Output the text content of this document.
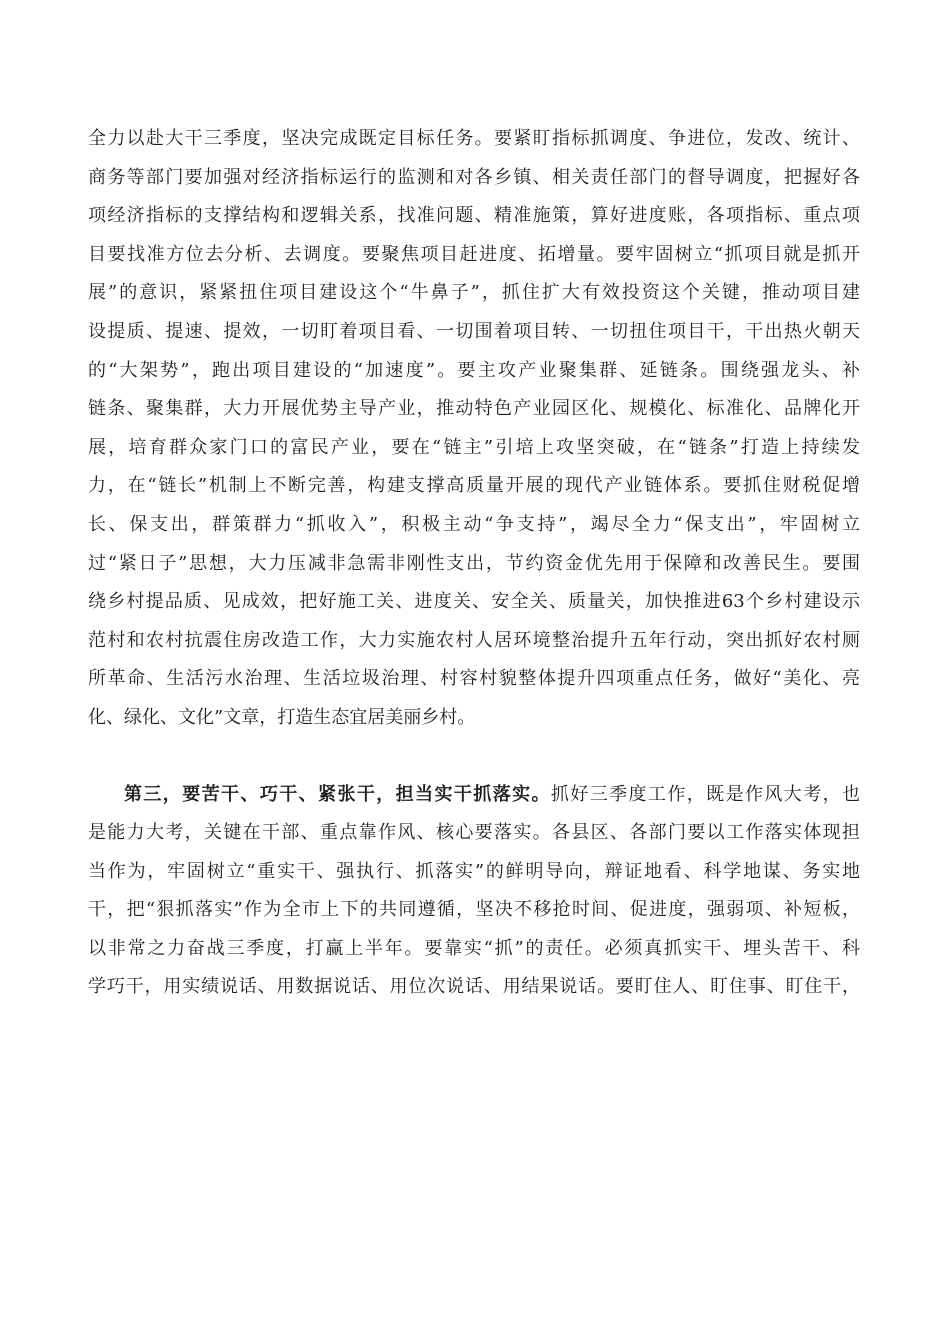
全力以赴大干三季度，坚决完成既定目标任务。要紧盯指标抓调度、争进位，发改、统计、
商务等部门要加强对经济指标运行的监测和对各乡镇、相关责任部门的督导调度，把握好各
项经济指标的支撑结构和逻辑关系，找准问题、精准施策，算好进度账，各项指标、重点项
目要找准方位去分析、去调度。要聚焦项目赶进度、拓增量。要牢固树立“抓项目就是抓开
展”的意识，紧紧扭住项目建设这个“牛鼻子”，抓住扩大有效投资这个关键，推动项目建
设提质、提速、提效，一切盯着项目看、一切围着项目转、一切扭住项目干，干出热火朝天
的“大架势”，跑出项目建设的“加速度”。要主攻产业聚集群、延链条。围绕强龙头、补
链条、聚集群，大力开展优势主导产业，推动特色产业园区化、规模化、标准化、品牌化开
展，培育群众家门口的富民产业，要在“链主”引培上攻坚突破，在“链条”打造上持续发
力，在“链长”机制上不断完善，构建支撑高质量开展的现代产业链体系。要抓住财税促增
长、保支出，群策群力“抓收入”，积极主动“争支持”，竭尽全力“保支出”，牢固树立
过“紧日子”思想，大力压减非急需非刚性支出，节约资金优先用于保障和改善民生。要围
绕乡村提品质、见成效，把好施工关、进度关、安全关、质量关，加快推进63个乡村建设示
范村和农村抗震住房改造工作，大力实施农村人居环境整治提升五年行动，突出抓好农村厕
所革命、生活污水治理、生活垃圾治理、村容村貌整体提升四项重点任务，做好“美化、亮
化、绿化、文化”文章，打造生态宜居美丽乡村。
第三，要苦干、巧干、紧张干，担当实干抓落实。抓好三季度工作，既是作风大考，也
是能力大考，关键在干部、重点靠作风、核心要落实。各县区、各部门要以工作落实体现担
当作为，牢固树立“重实干、强执行、抓落实”的鲜明导向，辩证地看、科学地谋、务实地
干，把“狠抓落实”作为全市上下的共同遵循，坚决不移抢时间、促进度，强弱项、补短板，
以非常之力奋战三季度，打赢上半年。要靠实“抓”的责任。必须真抓实干、埋头苦干、科
学巧干，用实绩说话、用数据说话、用位次说话、用结果说话。要盯住人、盯住事、盯住干，
